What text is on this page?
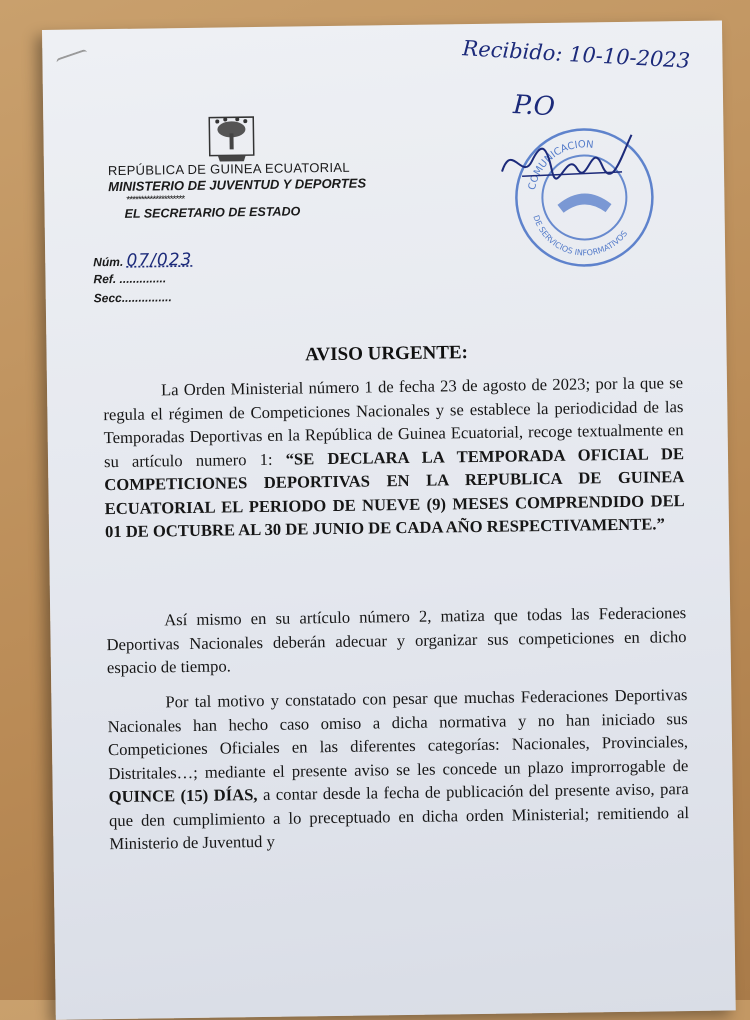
REPÚBLICA DE GUINEA ECUATORIAL
MINISTERIO DE JUVENTUD Y DEPORTES
********************
EL SECRETARIO DE ESTADO
Núm. 07/023
Ref. ..............
Secc...............
Recibido: 10-10-2023
P.O
COMUNICACION
DE SERVICIOS INFORMATIVOS
AVISO URGENTE:

La Orden Ministerial número 1 de fecha 23 de agosto de 2023; por la que se regula el régimen de Competiciones Nacionales y se establece la periodicidad de las Temporadas Deportivas en la República de Guinea Ecuatorial, recoge textualmente en su artículo numero 1: “SE DECLARA LA TEMPORADA OFICIAL DE COMPETICIONES DEPORTIVAS EN LA REPUBLICA DE GUINEA ECUATORIAL EL PERIODO DE NUEVE (9) MESES COMPRENDIDO DEL 01 DE OCTUBRE AL 30 DE JUNIO DE CADA AÑO RESPECTIVAMENTE.”

Así mismo en su artículo número 2, matiza que todas las Federaciones Deportivas Nacionales deberán adecuar y organizar sus competiciones en dicho espacio de tiempo.

Por tal motivo y constatado con pesar que muchas Federaciones Deportivas Nacionales han hecho caso omiso a dicha normativa y no han iniciado sus Competiciones Oficiales en las diferentes categorías: Nacionales, Provinciales, Distritales…; mediante el presente aviso se les concede un plazo improrrogable de QUINCE (15) DÍAS, a contar desde la fecha de publicación del presente aviso, para que den cumplimiento a lo preceptuado en dicha orden Ministerial; remitiendo al Ministerio de Juventud y
